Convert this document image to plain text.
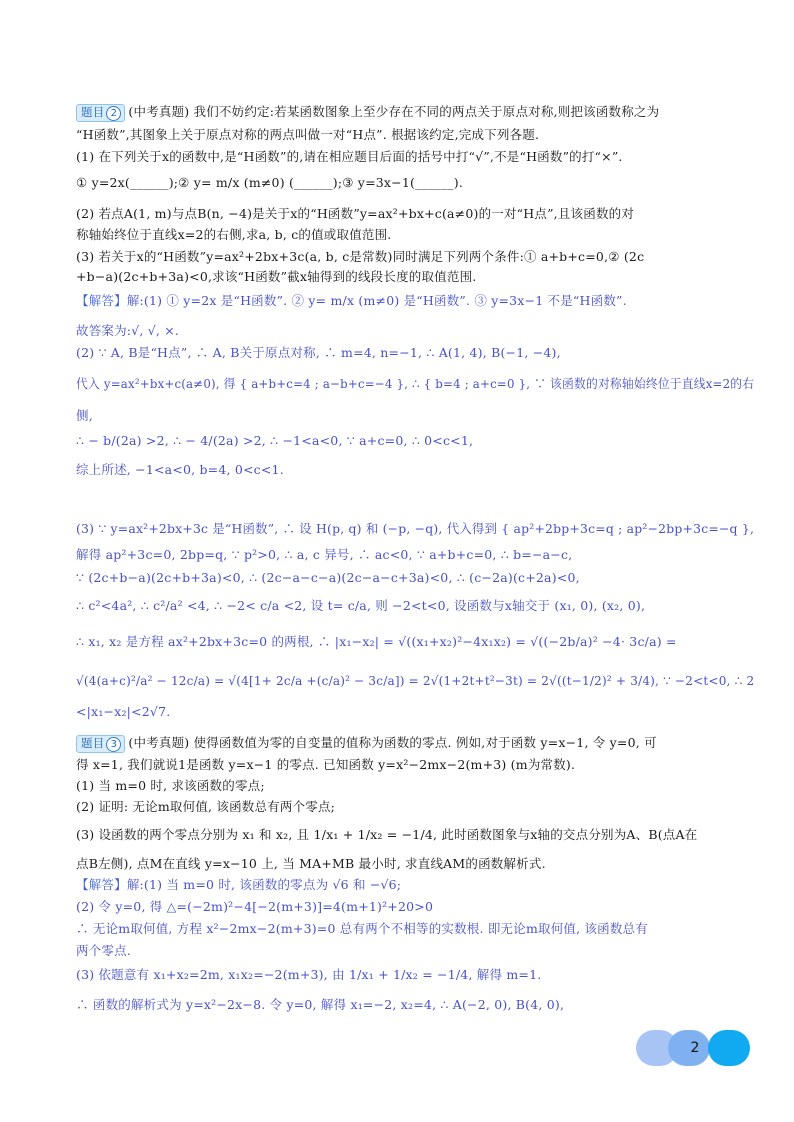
题目 2 (中考真题) 我们不妨约定:若某函数图象上至少存在不同的两点关于原点对称,则把该函数称之为
“H函数”,其图象上关于原点对称的两点叫做一对“H点”. 根据该约定,完成下列各题.
(1) 在下列关于x的函数中,是“H函数”的,请在相应题目后面的括号中打“√”,不是“H函数”的打“×”.
① y=2x(______);② y= m/x (m≠0) (______);③ y=3x−1(______).
(2) 若点A(1, m)与点B(n, −4)是关于x的“H函数”y=ax²+bx+c(a≠0)的一对“H点”,且该函数的对
称轴始终位于直线x=2的右侧,求a, b, c的值或取值范围.
(3) 若关于x的“H函数”y=ax²+2bx+3c(a, b, c是常数)同时满足下列两个条件:① a+b+c=0,② (2c
+b−a)(2c+b+3a)<0,求该“H函数”截x轴得到的线段长度的取值范围.
【解答】解:(1) ① y=2x 是“H函数”. ② y= m/x (m≠0) 是“H函数”. ③ y=3x−1 不是“H函数”.
故答案为:√, √, ×.
(2) ∵ A, B是“H点”, ∴ A, B关于原点对称, ∴ m=4, n=−1, ∴ A(1, 4), B(−1, −4),
代入 y=ax²+bx+c(a≠0), 得 { a+b+c=4 ; a−b+c=−4 }, ∴ { b=4 ; a+c=0 }, ∵ 该函数的对称轴始终位于直线x=2的右
侧,
∴ − b/(2a) >2, ∴ − 4/(2a) >2, ∴ −1<a<0, ∵ a+c=0, ∴ 0<c<1,
综上所述, −1<a<0, b=4, 0<c<1.
(3) ∵ y=ax²+2bx+3c 是“H函数”, ∴ 设 H(p, q) 和 (−p, −q), 代入得到 { ap²+2bp+3c=q ; ap²−2bp+3c=−q },
解得 ap²+3c=0, 2bp=q, ∵ p²>0, ∴ a, c 异号, ∴ ac<0, ∵ a+b+c=0, ∴ b=−a−c,
∵ (2c+b−a)(2c+b+3a)<0, ∴ (2c−a−c−a)(2c−a−c+3a)<0, ∴ (c−2a)(c+2a)<0,
∴ c²<4a², ∴ c²/a² <4, ∴ −2< c/a <2, 设 t= c/a, 则 −2<t<0, 设函数与x轴交于 (x₁, 0), (x₂, 0),
∴ x₁, x₂ 是方程 ax²+2bx+3c=0 的两根, ∴ |x₁−x₂| = √((x₁+x₂)²−4x₁x₂) = √((−2b/a)² −4· 3c/a) =
√(4(a+c)²/a² − 12c/a) = √(4[1+ 2c/a +(c/a)² − 3c/a]) = 2√(1+2t+t²−3t) = 2√((t−1/2)² + 3/4), ∵ −2<t<0, ∴ 2
<|x₁−x₂|<2√7.
题目 3 (中考真题) 使得函数值为零的自变量的值称为函数的零点. 例如,对于函数 y=x−1, 令 y=0, 可
得 x=1, 我们就说1是函数 y=x−1 的零点. 已知函数 y=x²−2mx−2(m+3) (m为常数).
(1) 当 m=0 时, 求该函数的零点;
(2) 证明: 无论m取何值, 该函数总有两个零点;
(3) 设函数的两个零点分别为 x₁ 和 x₂, 且 1/x₁ + 1/x₂ = −1/4, 此时函数图象与x轴的交点分别为A、B(点A在
点B左侧), 点M在直线 y=x−10 上, 当 MA+MB 最小时, 求直线AM的函数解析式.
【解答】解:(1) 当 m=0 时, 该函数的零点为 √6 和 −√6;
(2) 令 y=0, 得 △=(−2m)²−4[−2(m+3)]=4(m+1)²+20>0
∴ 无论m取何值, 方程 x²−2mx−2(m+3)=0 总有两个不相等的实数根. 即无论m取何值, 该函数总有
两个零点.
(3) 依题意有 x₁+x₂=2m, x₁x₂=−2(m+3), 由 1/x₁ + 1/x₂ = −1/4, 解得 m=1.
∴ 函数的解析式为 y=x²−2x−8. 令 y=0, 解得 x₁=−2, x₂=4, ∴ A(−2, 0), B(4, 0),
2
